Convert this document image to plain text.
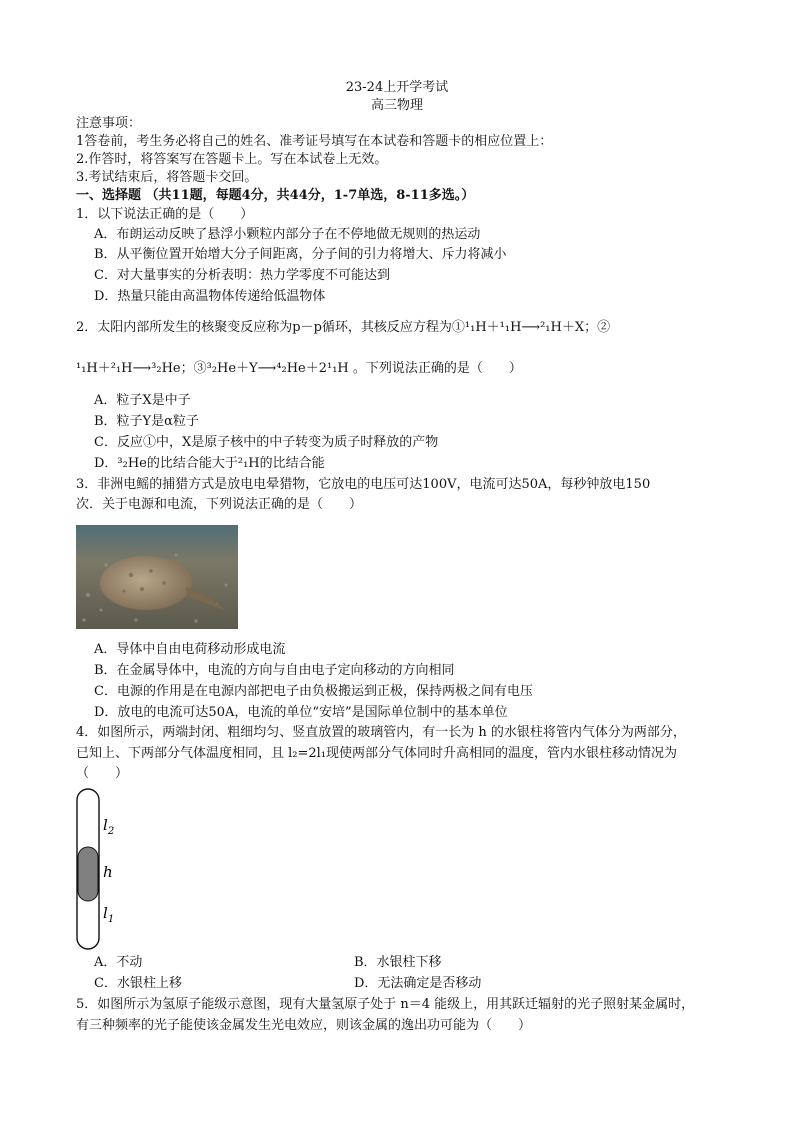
23-24上开学考试
高三物理
注意事项：
1答卷前，考生务必将自己的姓名、准考证号填写在本试卷和答题卡的相应位置上：
2.作答时，将答案写在答题卡上。写在本试卷上无效。
3.考试结束后，将答题卡交回。
一、选择题 （共11题，每题4分，共44分，1-7单选，8-11多选。）
1．以下说法正确的是（　　）
A．布朗运动反映了悬浮小颗粒内部分子在不停地做无规则的热运动
B．从平衡位置开始增大分子间距离，分子间的引力将增大、斥力将减小
C．对大量事实的分析表明：热力学零度不可能达到
D．热量只能由高温物体传递给低温物体
2．太阳内部所发生的核聚变反应称为p－p循环，其核反应方程为①¹₁H＋¹₁H⟶²₁H＋X；②
¹₁H＋²₁H⟶³₂He；③³₂He＋Y⟶⁴₂He＋2¹₁H 。下列说法正确的是（　　）
A．粒子X是中子
B．粒子Y是α粒子
C．反应①中，X是原子核中的中子转变为质子时释放的产物
D．³₂He的比结合能大于²₁H的比结合能
3．非洲电鳐的捕猎方式是放电电晕猎物，它放电的电压可达100V，电流可达50A，每秒钟放电150
次．关于电源和电流，下列说法正确的是（　　）
A．导体中自由电荷移动形成电流
B．在金属导体中，电流的方向与自由电子定向移动的方向相同
C．电源的作用是在电源内部把电子由负极搬运到正极，保持两极之间有电压
D．放电的电流可达50A，电流的单位“安培”是国际单位制中的基本单位
4．如图所示，两端封闭、粗细均匀、竖直放置的玻璃管内，有一长为 h 的水银柱将管内气体分为两部分，
已知上、下两部分气体温度相同，且 l₂=2l₁现使两部分气体同时升高相同的温度，管内水银柱移动情况为
（　　）
$l_2$
h
$l_1$
A．不动	B．水银柱下移
C．水银柱上移	D．无法确定是否移动
5．如图所示为氢原子能级示意图，现有大量氢原子处于 n＝4 能级上，用其跃迁辐射的光子照射某金属时，
有三种频率的光子能使该金属发生光电效应，则该金属的逸出功可能为（　　）
